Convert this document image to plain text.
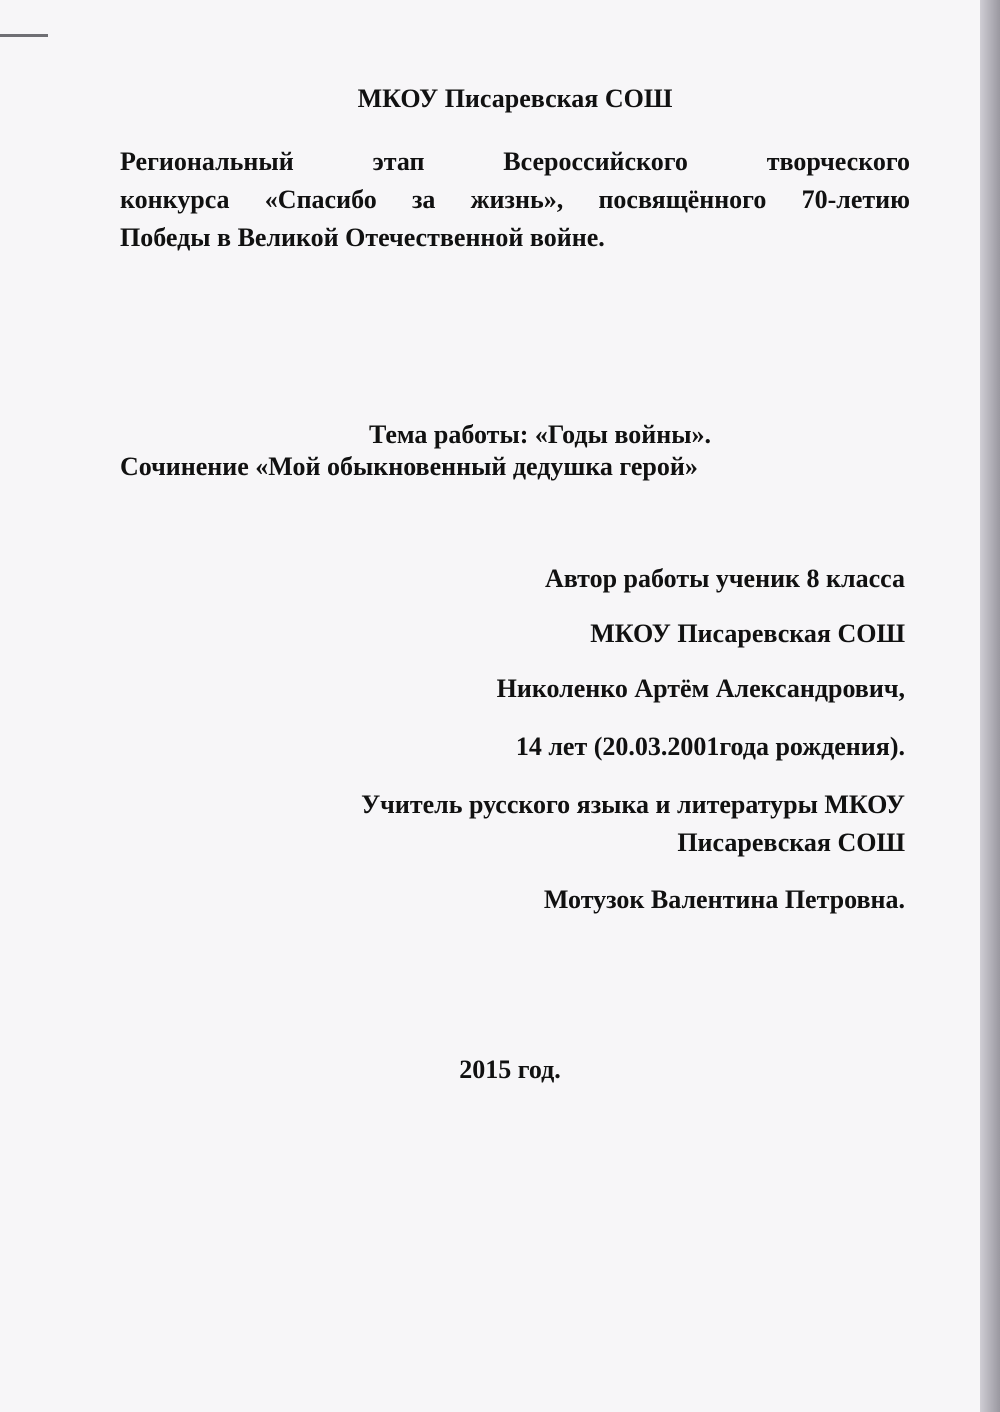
МКОУ Писаревская СОШ
Региональный этап Всероссийского творческого
конкурса «Спасибо за жизнь», посвящённого 70-летию
Победы в Великой Отечественной войне.
Тема работы: «Годы войны».
Сочинение «Мой обыкновенный дедушка герой»
Автор работы ученик 8 класса
МКОУ Писаревская СОШ
Николенко Артём Александрович,
14 лет (20.03.2001года рождения).
Учитель русского языка и литературы МКОУ
Писаревская СОШ
Мотузок Валентина Петровна.
2015 год.
